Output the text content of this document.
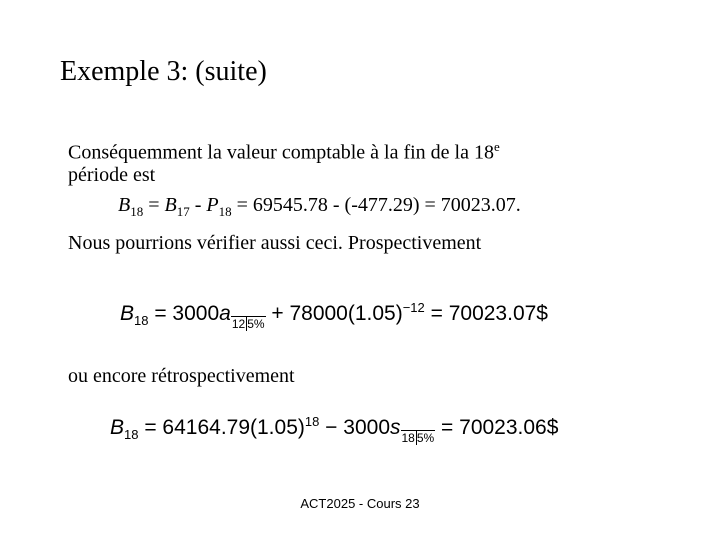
Exemple 3: (suite)
Conséquemment la valeur comptable à la fin de la 18e
période est
$B_{18} = B_{17} - P_{18} = 69545.78 - (-477.29) = 70023.07$.
Nous pourrions vérifier aussi ceci. Prospectivement
$B_{18} = 3000a12$ $5\% + 78000(1.05)^{-12}$ = 70023.07$
ou encore rétrospectivement
$B_{18} = 64164.79(1.05)^{18} - 3000s18$ 5% = 70023.06$
ACT2025 - Cours 23
